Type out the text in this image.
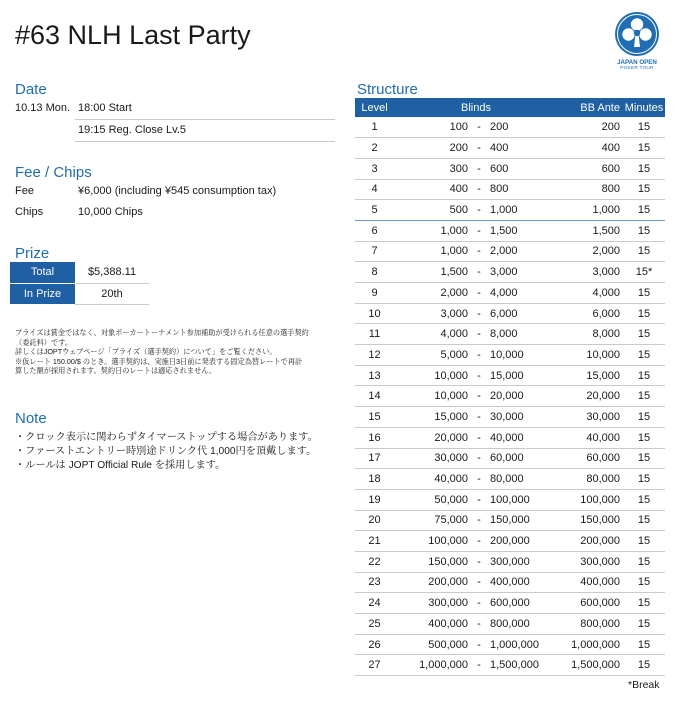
#63 NLH Last Party
JAPAN OPEN
POKER TOUR
Date
10.13 Mon. 18:00 Start
19:15 Reg. Close Lv.5
Fee / Chips
Fee	¥6,000 (including ¥545 consumption tax)
Chips	10,000 Chips
Prize
Total	$5,388.11
In Prize	20th
プライズは賞金ではなく、対象ポーカートーナメント参加補助が受けられる任意の選手契約
（委託料）です。
詳しくはJOPTウェブページ「プライズ（選手契約）について」をご覧ください。
※仮レート 150.00/$ のとき。選手契約は、実施日3日前に発表する固定為替レートで再計
算した額が採用されます。契約日のレートは適応されません。
Note
・クロック表示に関わらずタイマーストップする場合があります。
・ファーストエントリー時別途ドリンク代 1,000円を頂戴します。
・ルールは JOPT Official Rule を採用します。
Structure
Level	Blinds			BB Ante	Minutes
1	100	-	200	200	15
2	200	-	400	400	15
3	300	-	600	600	15
4	400	-	800	800	15
5	500	-	1,000	1,000	15
6	1,000	-	1,500	1,500	15
7	1,000	-	2,000	2,000	15
8	1,500	-	3,000	3,000	15*
9	2,000	-	4,000	4,000	15
10	3,000	-	6,000	6,000	15
11	4,000	-	8,000	8,000	15
12	5,000	-	10,000	10,000	15
13	10,000	-	15,000	15,000	15
14	10,000	-	20,000	20,000	15
15	15,000	-	30,000	30,000	15
16	20,000	-	40,000	40,000	15
17	30,000	-	60,000	60,000	15
18	40,000	-	80,000	80,000	15
19	50,000	-	100,000	100,000	15
20	75,000	-	150,000	150,000	15
21	100,000	-	200,000	200,000	15
22	150,000	-	300,000	300,000	15
23	200,000	-	400,000	400,000	15
24	300,000	-	600,000	600,000	15
25	400,000	-	800,000	800,000	15
26	500,000	-	1,000,000	1,000,000	15
27	1,000,000	-	1,500,000	1,500,000	15
*Break
